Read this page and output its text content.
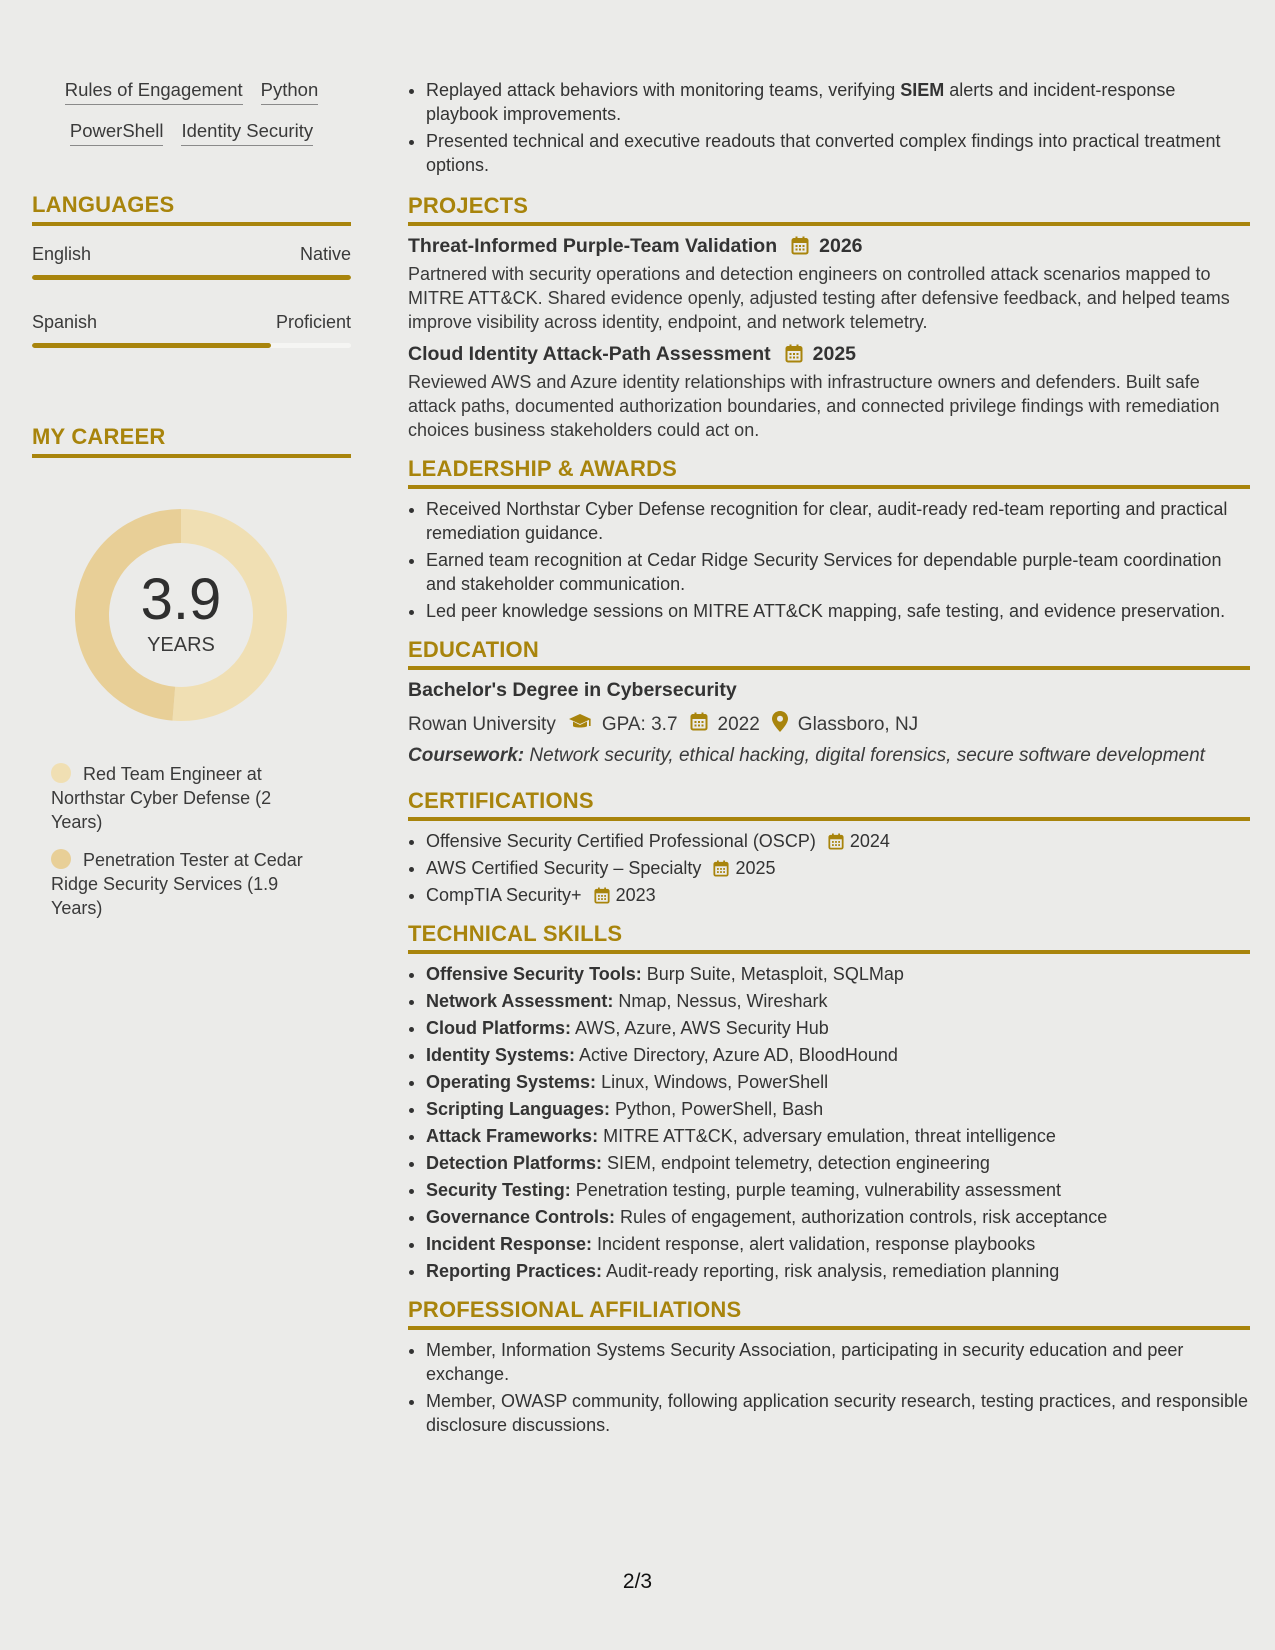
Rules of Engagement Python
PowerShell Identity Security
LANGUAGES
English	Native
Spanish	Proficient
MY CAREER
3.9
YEARS
Red Team Engineer at Northstar Cyber Defense (2 Years)
Penetration Tester at Cedar Ridge Security Services (1.9 Years)
• Replayed attack behaviors with monitoring teams, verifying SIEM alerts and incident-response playbook improvements.
• Presented technical and executive readouts that converted complex findings into practical treatment options.
PROJECTS
Threat-Informed Purple-Team Validation 2026
Partnered with security operations and detection engineers on controlled attack scenarios mapped to MITRE ATT&CK. Shared evidence openly, adjusted testing after defensive feedback, and helped teams improve visibility across identity, endpoint, and network telemetry.
Cloud Identity Attack-Path Assessment 2025
Reviewed AWS and Azure identity relationships with infrastructure owners and defenders. Built safe attack paths, documented authorization boundaries, and connected privilege findings with remediation choices business stakeholders could act on.
LEADERSHIP & AWARDS
• Received Northstar Cyber Defense recognition for clear, audit-ready red-team reporting and practical remediation guidance.
• Earned team recognition at Cedar Ridge Security Services for dependable purple-team coordination and stakeholder communication.
• Led peer knowledge sessions on MITRE ATT&CK mapping, safe testing, and evidence preservation.
EDUCATION
Bachelor's Degree in Cybersecurity
Rowan University GPA: 3.7 2022 Glassboro, NJ
Coursework: Network security, ethical hacking, digital forensics, secure software development
CERTIFICATIONS
• Offensive Security Certified Professional (OSCP) 2024
• AWS Certified Security – Specialty 2025
• CompTIA Security+ 2023
TECHNICAL SKILLS
• Offensive Security Tools: Burp Suite, Metasploit, SQLMap
• Network Assessment: Nmap, Nessus, Wireshark
• Cloud Platforms: AWS, Azure, AWS Security Hub
• Identity Systems: Active Directory, Azure AD, BloodHound
• Operating Systems: Linux, Windows, PowerShell
• Scripting Languages: Python, PowerShell, Bash
• Attack Frameworks: MITRE ATT&CK, adversary emulation, threat intelligence
• Detection Platforms: SIEM, endpoint telemetry, detection engineering
• Security Testing: Penetration testing, purple teaming, vulnerability assessment
• Governance Controls: Rules of engagement, authorization controls, risk acceptance
• Incident Response: Incident response, alert validation, response playbooks
• Reporting Practices: Audit-ready reporting, risk analysis, remediation planning
PROFESSIONAL AFFILIATIONS
• Member, Information Systems Security Association, participating in security education and peer exchange.
• Member, OWASP community, following application security research, testing practices, and responsible disclosure discussions.
2/3
